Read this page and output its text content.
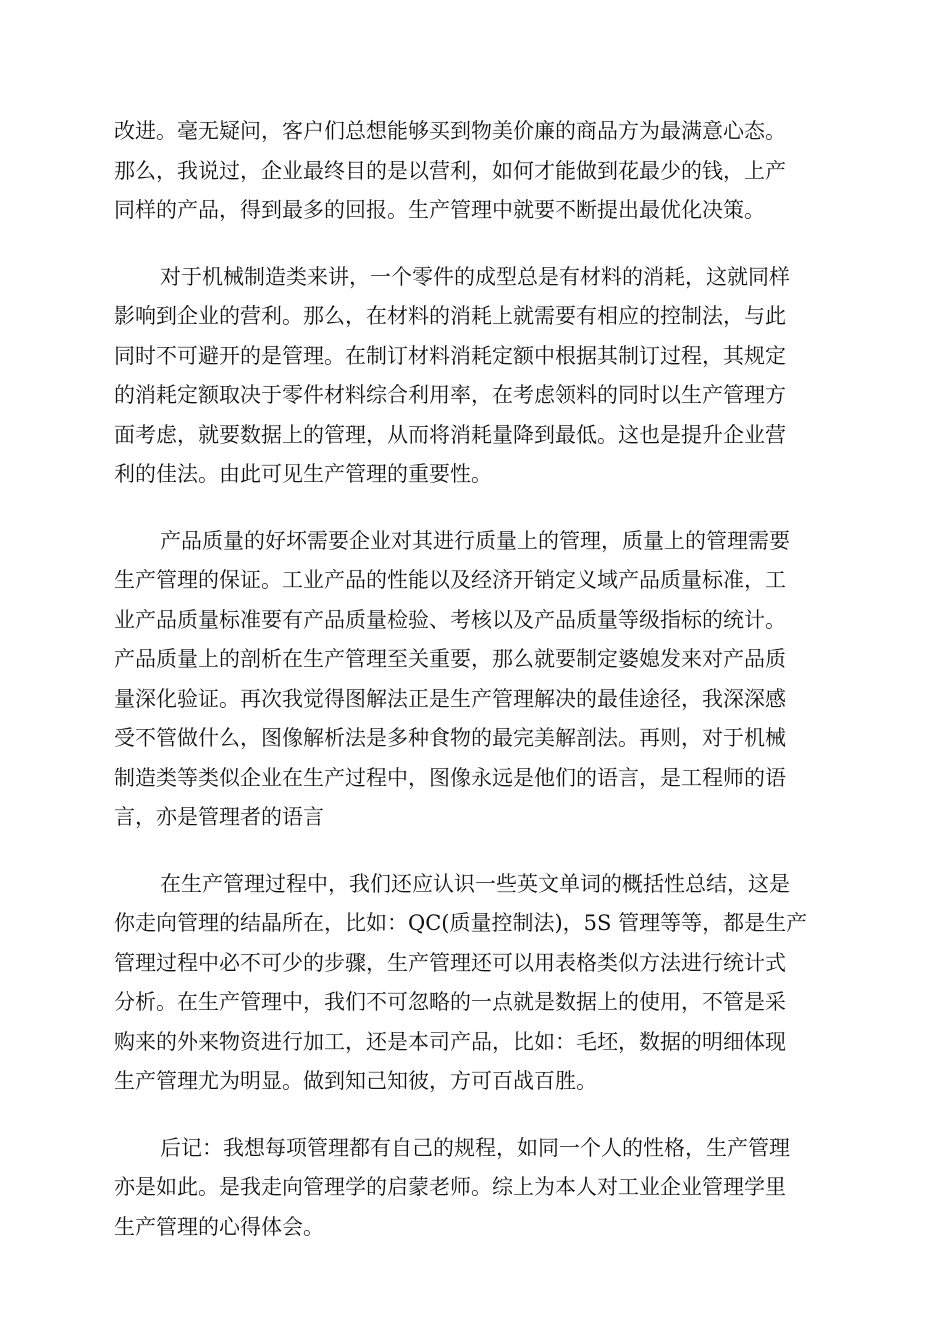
改进。毫无疑问，客户们总想能够买到物美价廉的商品方为最满意心态。
那么，我说过，企业最终目的是以营利，如何才能做到花最少的钱，上产
同样的产品，得到最多的回报。生产管理中就要不断提出最优化决策。

对于机械制造类来讲，一个零件的成型总是有材料的消耗，这就同样
影响到企业的营利。那么，在材料的消耗上就需要有相应的控制法，与此
同时不可避开的是管理。在制订材料消耗定额中根据其制订过程，其规定
的消耗定额取决于零件材料综合利用率，在考虑领料的同时以生产管理方
面考虑，就要数据上的管理，从而将消耗量降到最低。这也是提升企业营
利的佳法。由此可见生产管理的重要性。

产品质量的好坏需要企业对其进行质量上的管理，质量上的管理需要
生产管理的保证。工业产品的性能以及经济开销定义域产品质量标准，工
业产品质量标准要有产品质量检验、考核以及产品质量等级指标的统计。
产品质量上的剖析在生产管理至关重要，那么就要制定婆媳发来对产品质
量深化验证。再次我觉得图解法正是生产管理解决的最佳途径，我深深感
受不管做什么，图像解析法是多种食物的最完美解剖法。再则，对于机械
制造类等类似企业在生产过程中，图像永远是他们的语言，是工程师的语
言，亦是管理者的语言

在生产管理过程中，我们还应认识一些英文单词的概括性总结，这是
你走向管理的结晶所在，比如：QC(质量控制法)，5S 管理等等，都是生产
管理过程中必不可少的步骤，生产管理还可以用表格类似方法进行统计式
分析。在生产管理中，我们不可忽略的一点就是数据上的使用，不管是采
购来的外来物资进行加工，还是本司产品，比如：毛坯，数据的明细体现
生产管理尤为明显。做到知己知彼，方可百战百胜。

后记：我想每项管理都有自己的规程，如同一个人的性格，生产管理
亦是如此。是我走向管理学的启蒙老师。综上为本人对工业企业管理学里
生产管理的心得体会。
